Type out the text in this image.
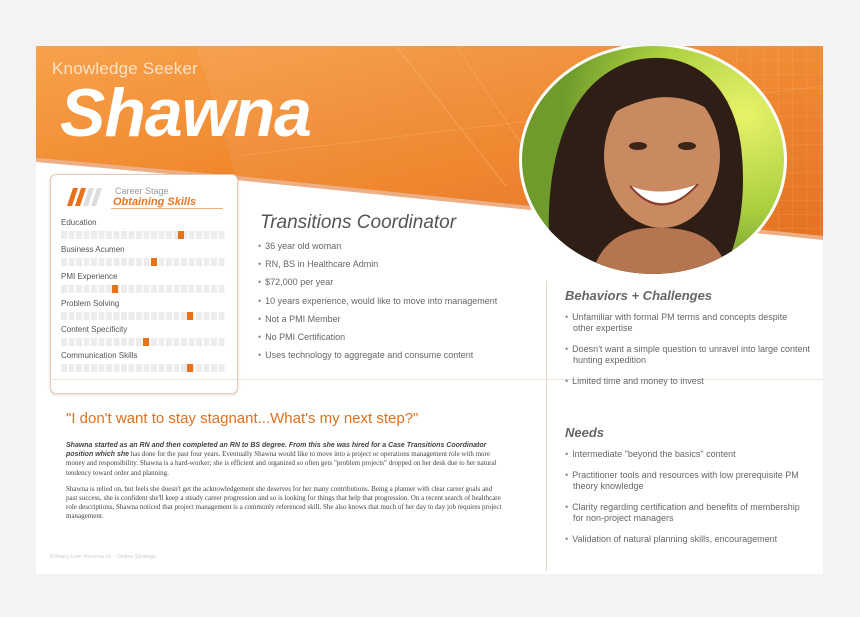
Knowledge Seeker
Shawna
Career Stage
Obtaining Skills
Education
Business Acumen
PMI Experience
Problem Solving
Content Specificity
Communication Skills
Transitions Coordinator
• 36 year old woman
• RN, BS in Healthcare Admin
• $72,000 per year
• 10 years experience, would like to move into management
• Not a PMI Member
• No PMI Certification
• Uses technology to aggregate and consume content
Behaviors + Challenges
• Unfamiliar with formal PM terms and concepts despite other expertise
• Doesn't want a simple question to unravel into large content hunting expedition
• Limited time and money to invest
Needs
• Intermediate "beyond the basics" content
• Practitioner tools and resources with low prerequisite PM theory knowledge
• Clarity regarding certification and benefits of membership for non-project managers
• Validation of natural planning skills, encouragement
"I don't want to stay stagnant...What's my next step?"

Shawna started as an RN and then completed an RN to BS degree. From this she was hired for a Case Transitions Coordinator position which she has done for the past four years. Eventually Shawna would like to move into a project or operations management role with more money and responsibility. Shawna is a hard-worker; she is efficient and organized so often gets "problem projects" dropped on her desk due to her natural tendency toward order and planning.

Shawna is relied on, but feels she doesn't get the acknowledgement she deserves for her many contributions. Being a planner with clear career goals and past success, she is confident she'll keep a steady career progression and so is looking for things that help that progression. On a recent search of healthcare role descriptions, Shawna noticed that project management is a commonly referenced skill. She also knows that much of her day to day job requires project management.

Primary User Persona v1 – Online Strategy
